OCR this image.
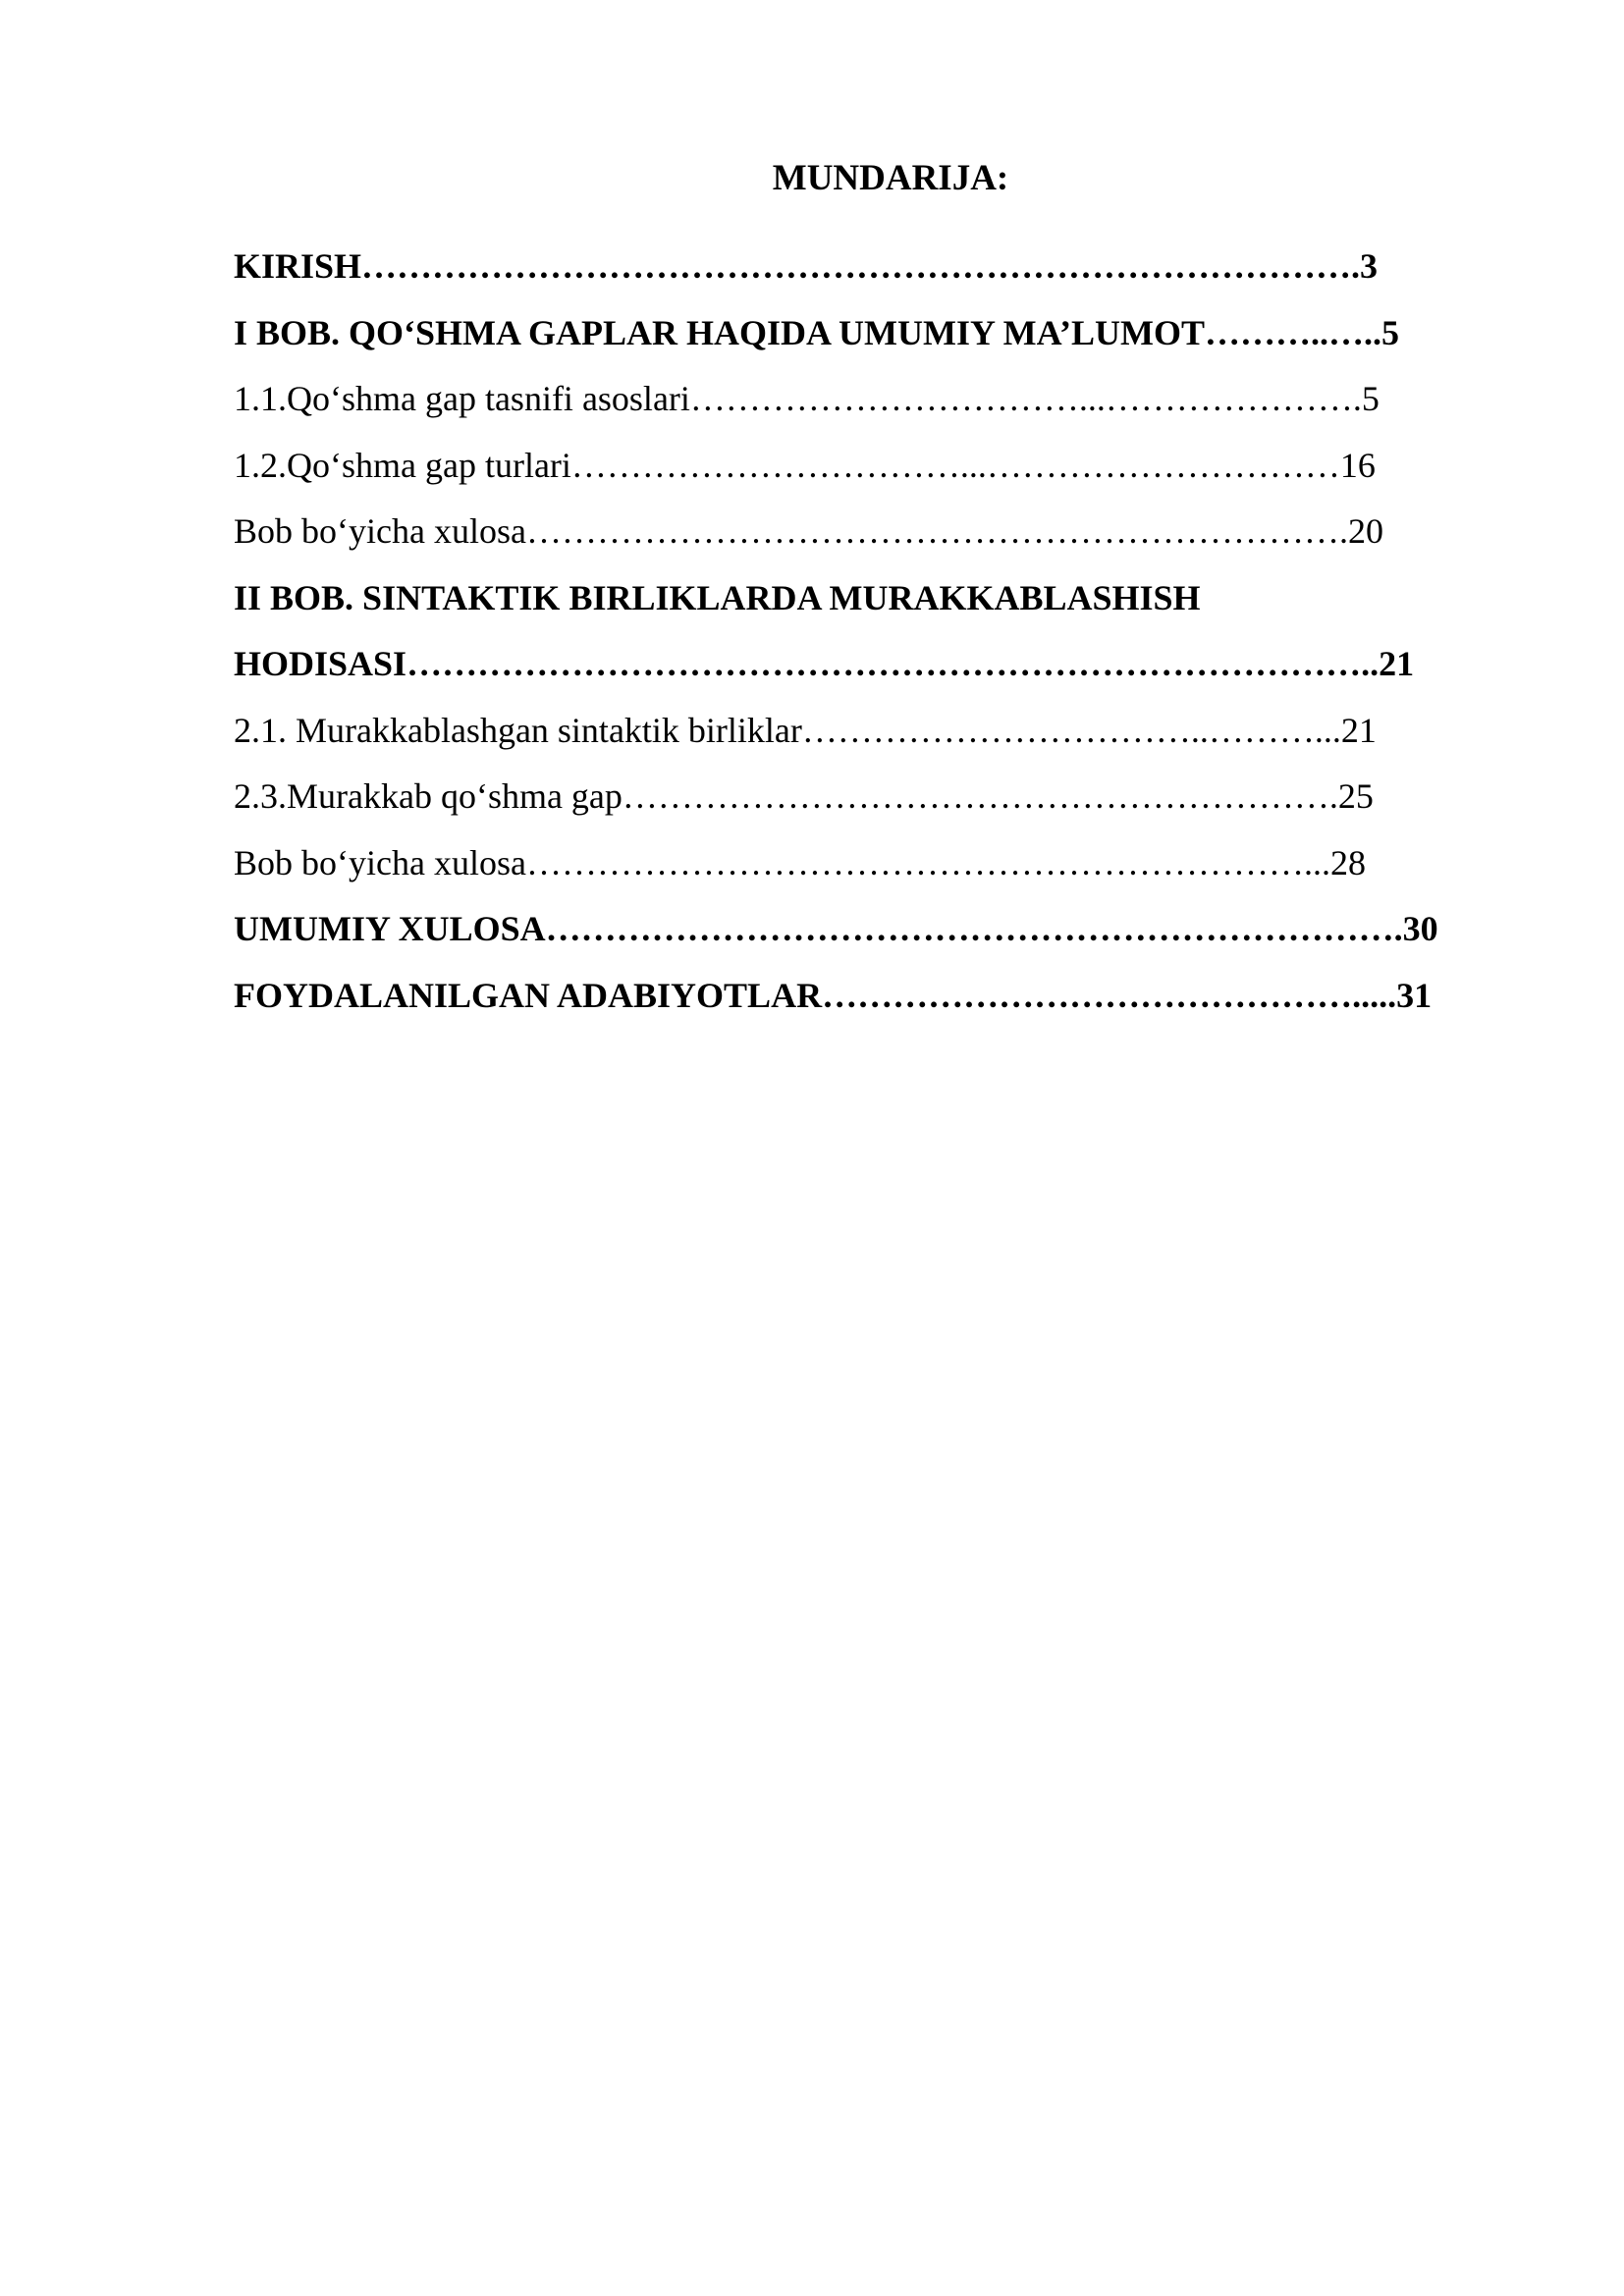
MUNDARIJA:
KIRISH………………………………………………………………………….3
I BOB. QO‘SHMA GAPLAR HAQIDA UMUMIY MA’LUMOT………..…..5
1.1.Qo‘shma gap tasnifi asoslari……………………………...………………….5
1.2.Qo‘shma gap turlari……………………………...…………………………16
Bob bo‘yicha xulosa…………………………………………………………….20
II BOB. SINTAKTIK BIRLIKLARDA MURAKKABLASHISH
HODISASI………………………………………………………………………..21
2.1. Murakkablashgan sintaktik birliklar……………………………..………...21
2.3.Murakkab qo‘shma gap…………………………………………………….25
Bob bo‘yicha xulosa…………………………………………………………...28
UMUMIY XULOSA……………………………………………………………….30
FOYDALANILGAN ADABIYOTLAR……………………………………….....31
